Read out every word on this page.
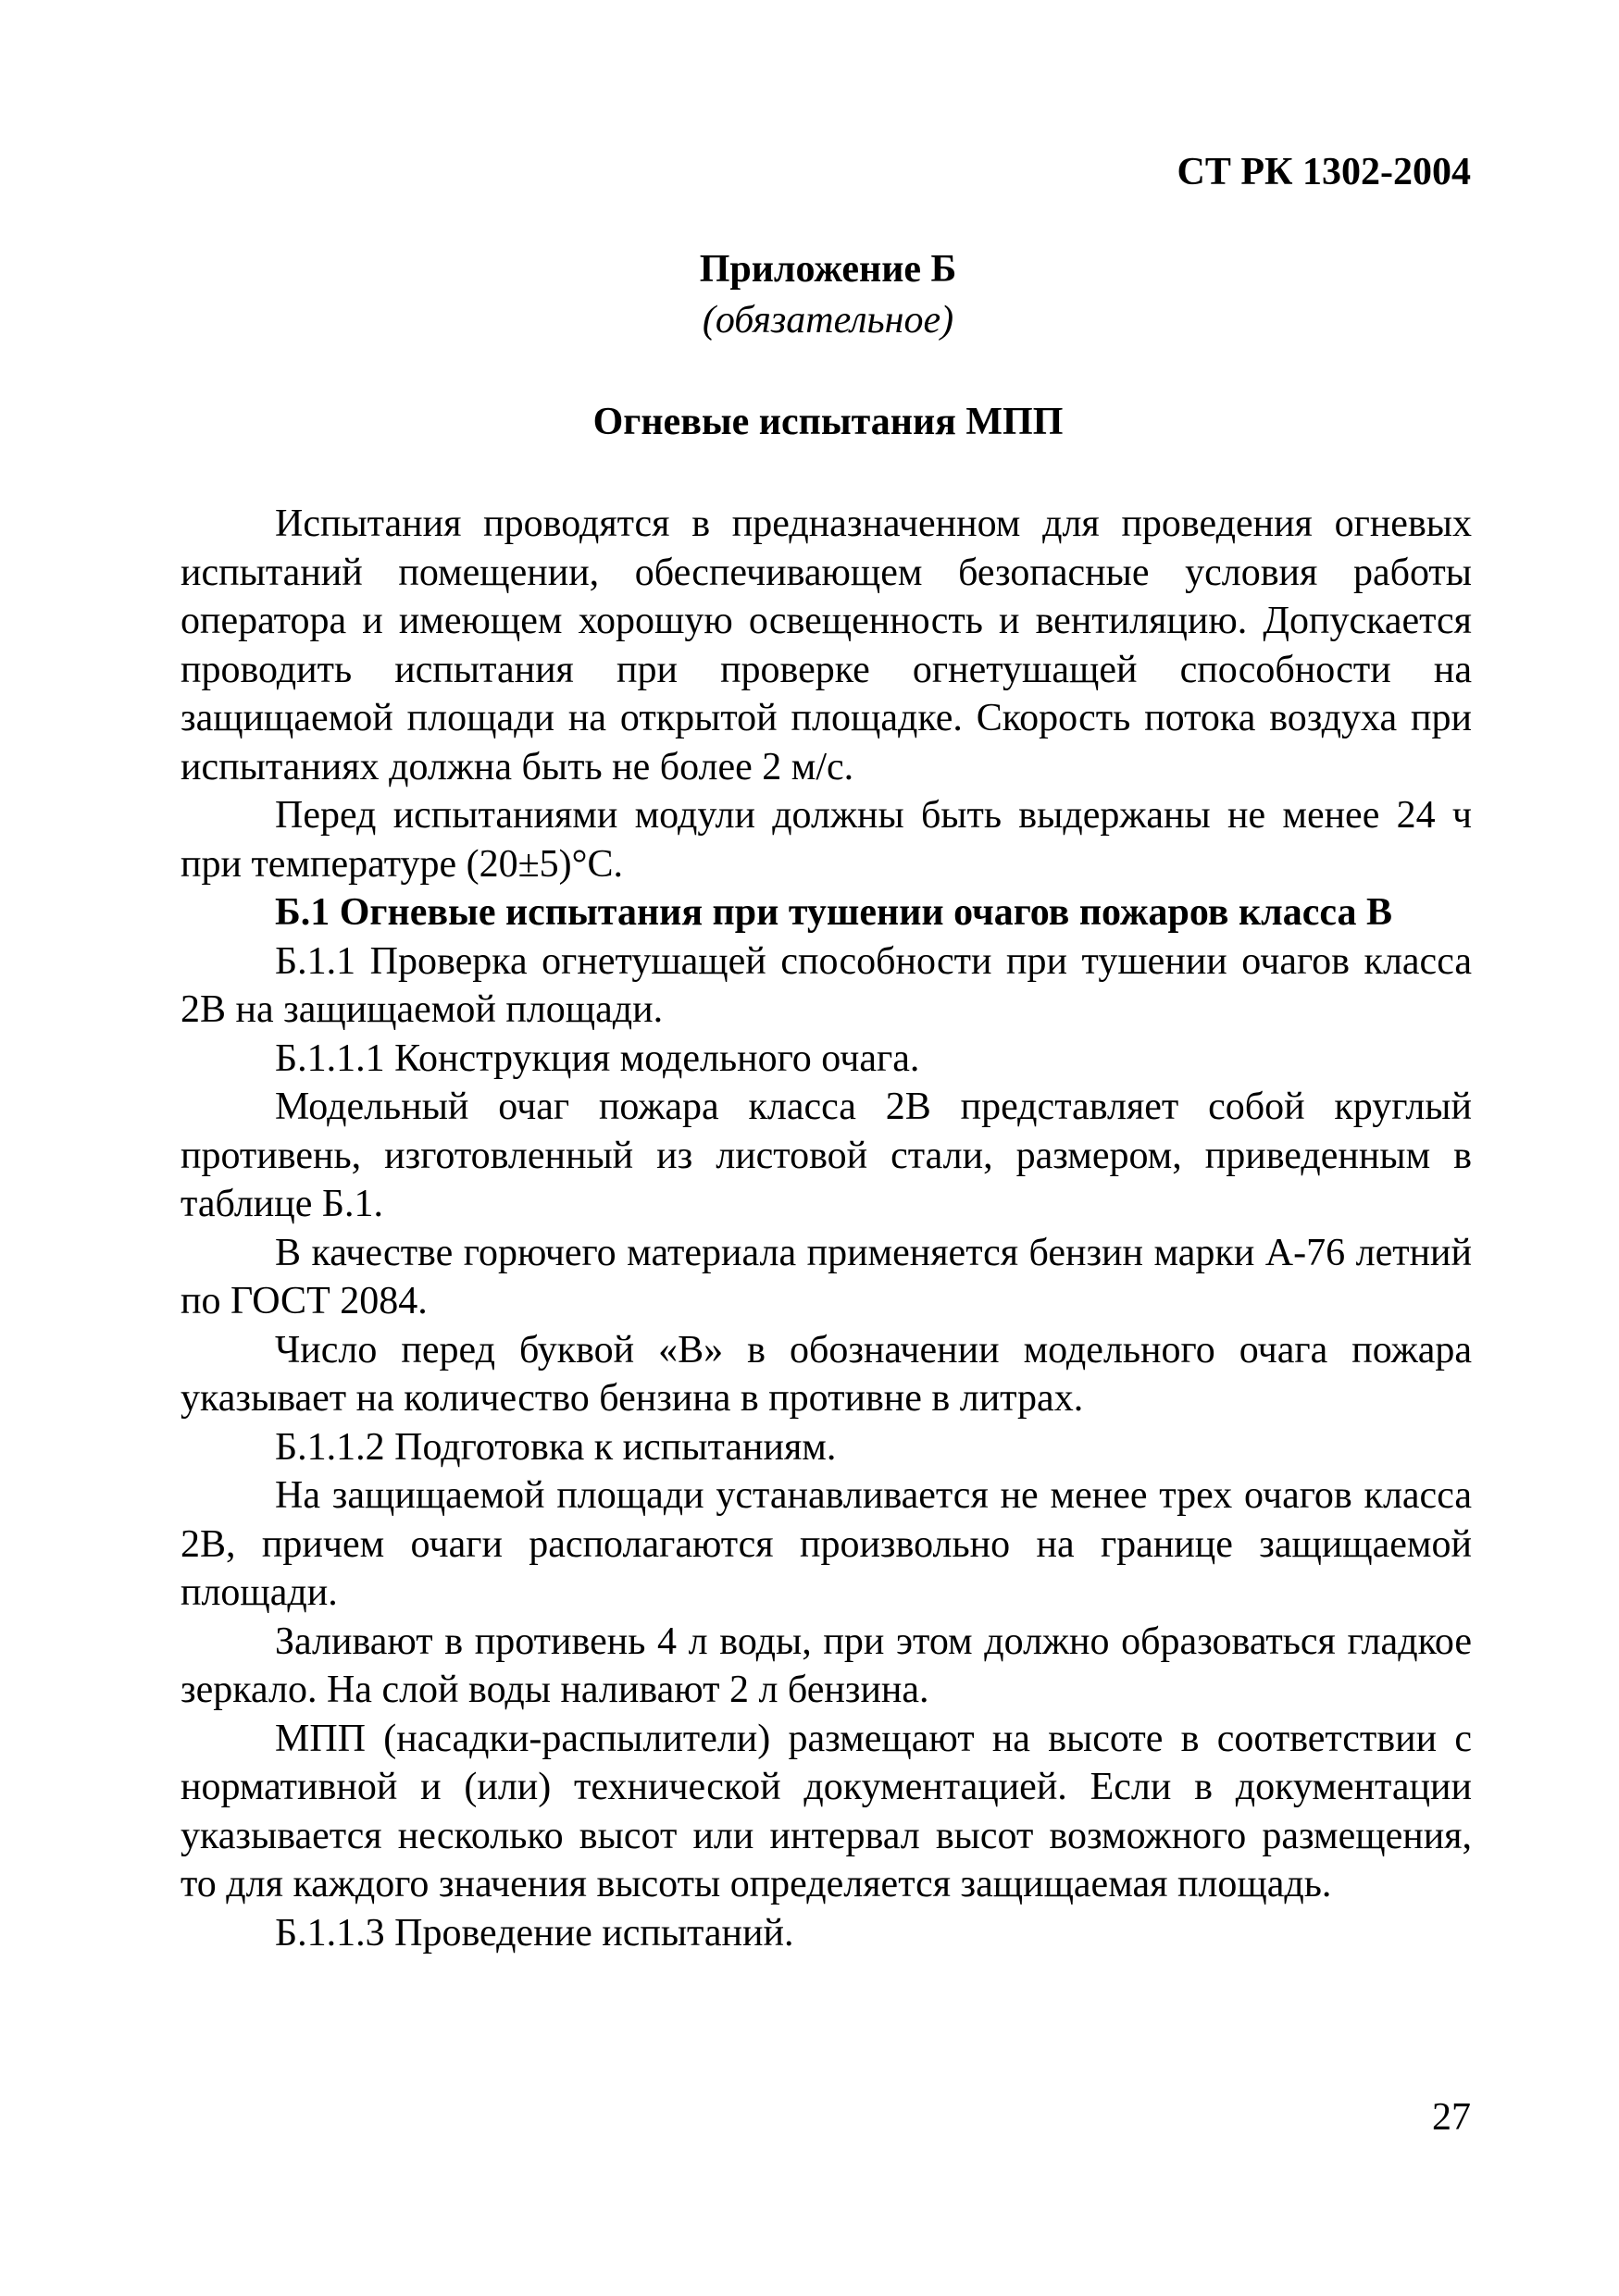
СТ РК 1302-2004

Приложение Б

(обязательное)

Огневые испытания МПП

Испытания проводятся в предназначенном для проведения огневых испытаний помещении, обеспечивающем безопасные условия работы оператора и имеющем хорошую освещенность и вентиляцию. Допускается проводить испытания при проверке огнетушащей способности на защищаемой площади на открытой площадке. Скорость потока воздуха при испытаниях должна быть не более 2 м/с.

Перед испытаниями модули должны быть выдержаны не менее 24 ч при температуре (20±5)°С.

Б.1 Огневые испытания при тушении очагов пожаров класса В

Б.1.1 Проверка огнетушащей способности при тушении очагов класса 2В на защищаемой площади.

Б.1.1.1 Конструкция модельного очага.

Модельный очаг пожара класса 2В представляет собой круглый противень, изготовленный из листовой стали, размером, приведенным в таблице Б.1.

В качестве горючего материала применяется бензин марки А-76 летний по ГОСТ 2084.

Число перед буквой «В» в обозначении модельного очага пожара указывает на количество бензина в противне в литрах.

Б.1.1.2 Подготовка к испытаниям.

На защищаемой площади устанавливается не менее трех очагов класса 2В, причем очаги располагаются произвольно на границе защищаемой площади.

Заливают в противень 4 л воды, при этом должно образоваться гладкое зеркало. На слой воды наливают 2 л бензина.

МПП (насадки-распылители) размещают на высоте в соответствии с нормативной и (или) технической документацией. Если в документации указывается несколько высот или интервал высот возможного размещения, то для каждого значения высоты определяется защищаемая площадь.

Б.1.1.3 Проведение испытаний.

27
